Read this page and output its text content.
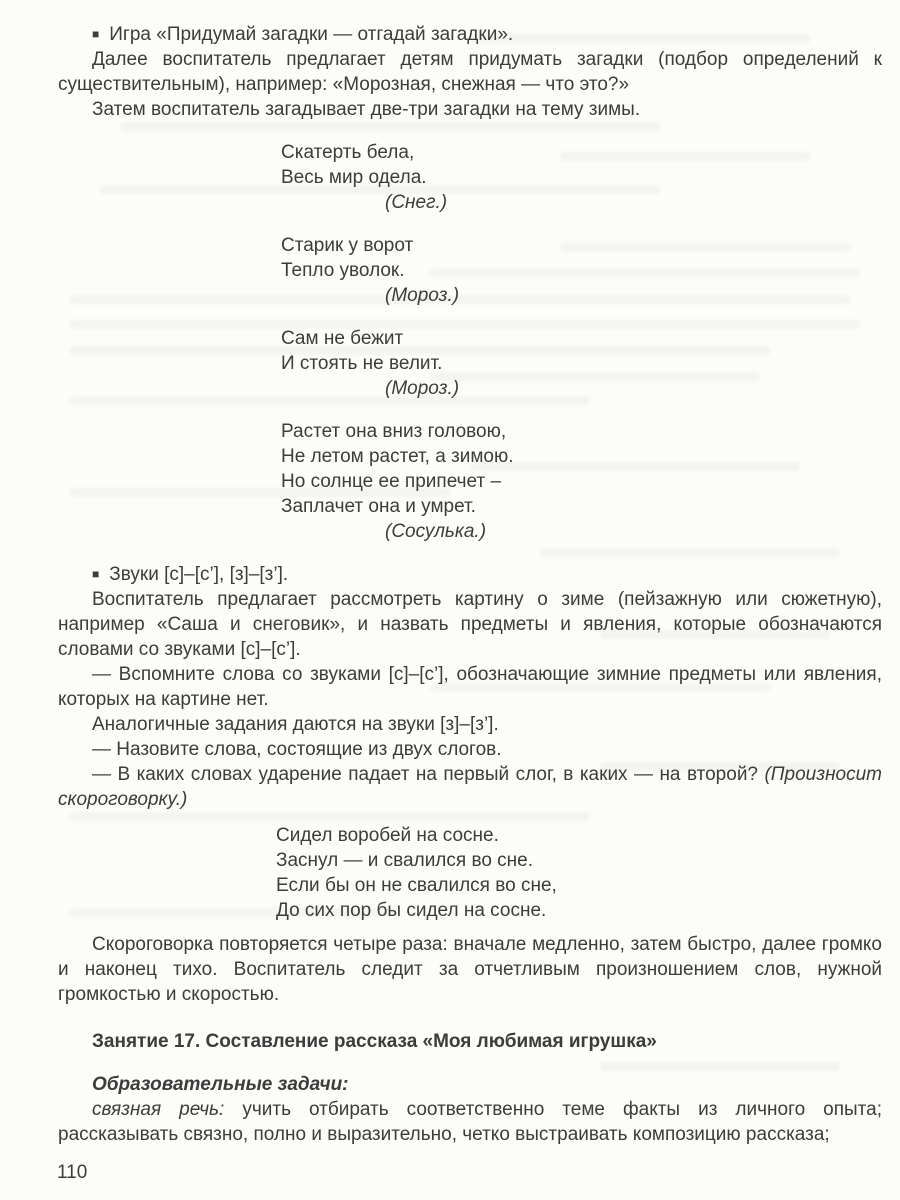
■ Игра «Придумай загадки — отгадай загадки».

Далее воспитатель предлагает детям придумать загадки (подбор определений к существительным), например: «Морозная, снежная — что это?»

Затем воспитатель загадывает две-три загадки на тему зимы.

Скатерть бела,
Весь мир одела.
(Снег.)
Старик у ворот
Тепло уволок.
(Мороз.)
Сам не бежит
И стоять не велит.
(Мороз.)
Растет она вниз головою,
Не летом растет, а зимою.
Но солнце ее припечет –
Заплачет она и умрет.
(Сосулька.)

■ Звуки [с]–[с’], [з]–[з’].

Воспитатель предлагает рассмотреть картину о зиме (пейзажную или сюжетную), например «Саша и снеговик», и назвать предметы и явления, которые обозначаются словами со звуками [с]–[с’].

— Вспомните слова со звуками [с]–[с’], обозначающие зимние предметы или явления, которых на картине нет.

Аналогичные задания даются на звуки [з]–[з’].

— Назовите слова, состоящие из двух слогов.

— В каких словах ударение падает на первый слог, в каких — на второй? (Произносит скороговорку.)

Сидел воробей на сосне.
Заснул — и свалился во сне.
Если бы он не свалился во сне,
До сих пор бы сидел на сосне.

Скороговорка повторяется четыре раза: вначале медленно, затем быстро, далее громко и наконец тихо. Воспитатель следит за отчетливым произношением слов, нужной громкостью и скоростью.

Занятие 17. Составление рассказа «Моя любимая игрушка»

Образовательные задачи:

связная речь: учить отбирать соответственно теме факты из личного опыта; рассказывать связно, полно и выразительно, четко выстраивать композицию рассказа;

110
